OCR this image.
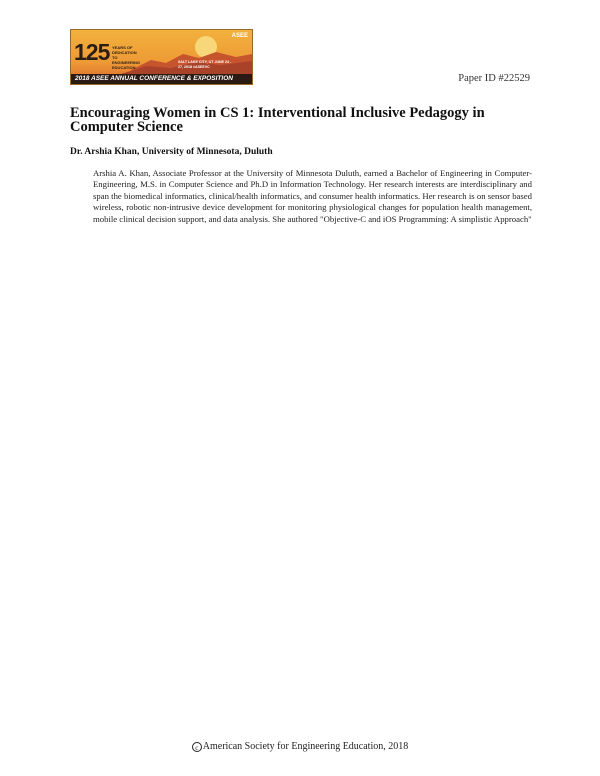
125 YEARS OF DEDICATION TO ENGINEERING EDUCATION
ASEE
SALT LAKE CITY, UT JUNE 24 - 27, 2018 #ASEEVC
2018 ASEE ANNUAL CONFERENCE & EXPOSITION	Paper ID #22529
Encouraging Women in CS 1: Interventional Inclusive Pedagogy in Computer Science
Dr. Arshia Khan, University of Minnesota, Duluth

Arshia A. Khan, Associate Professor at the University of Minnesota Duluth, earned a Bachelor of Engineering in Computer-Engineering, M.S. in Computer Science and Ph.D in Information Technology. Her research interests are interdisciplinary and span the biomedical informatics, clinical/health informatics, and consumer health informatics. Her research is on sensor based wireless, robotic non-intrusive device development for monitoring physiological changes for population health management, mobile clinical decision support, and data analysis. She authored "Objective-C and iOS Programming: A simplistic Approach"

c American Society for Engineering Education, 2018
